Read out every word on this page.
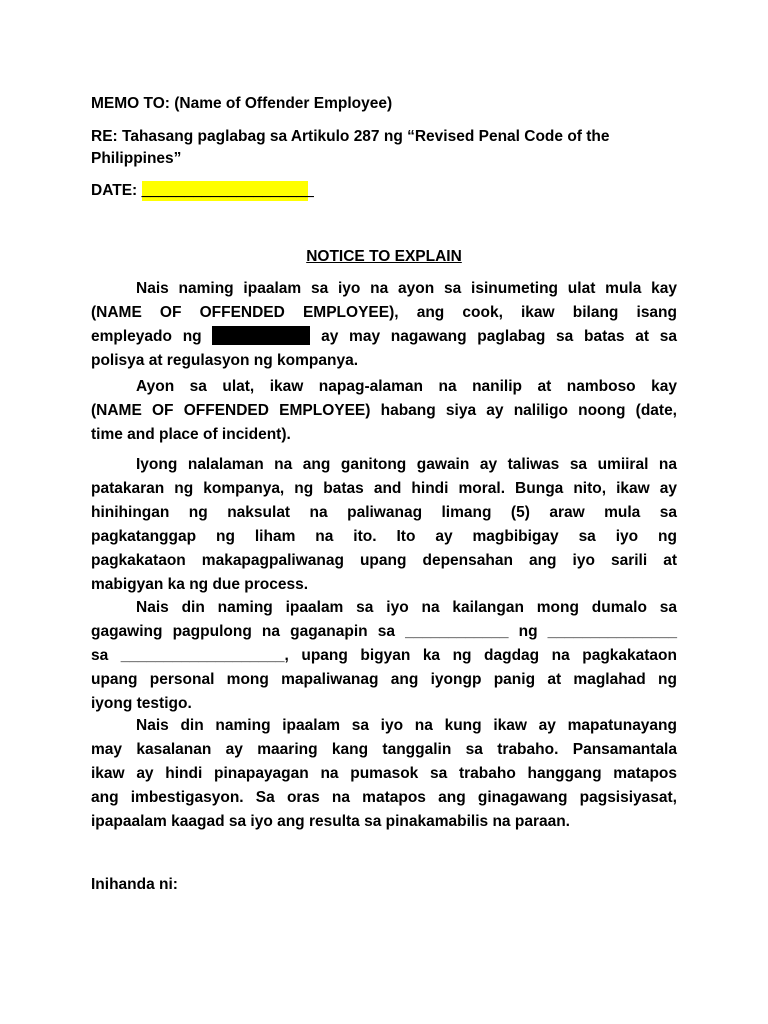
MEMO TO: (Name of Offender Employee)
RE: Tahasang paglabag sa Artikulo 287 ng “Revised Penal Code of the
Philippines”
DATE: ____________________
NOTICE TO EXPLAIN
Nais naming ipaalam sa iyo na ayon sa isinumeting ulat mula kay
(NAME OF OFFENDED EMPLOYEE), ang cook, ikaw bilang isang
empleyado ng	ay may nagawang paglabag sa batas at sa
polisya at regulasyon ng kompanya.
Ayon sa ulat, ikaw napag-alaman na nanilip at namboso kay
(NAME OF OFFENDED EMPLOYEE) habang siya ay naliligo noong (date,
time and place of incident).
Iyong nalalaman na ang ganitong gawain ay taliwas sa umiiral na
patakaran ng kompanya, ng batas and hindi moral. Bunga nito, ikaw ay
hinihingan ng naksulat na paliwanag limang (5) araw mula sa
pagkatanggap ng liham na ito. Ito ay magbibigay sa iyo ng
pagkakataon makapagpaliwanag upang depensahan ang iyo sarili at
mabigyan ka ng due process.
Nais din naming ipaalam sa iyo na kailangan mong dumalo sa
gagawing pagpulong na gaganapin sa ____________ ng _______________
sa ___________________, upang bigyan ka ng dagdag na pagkakataon
upang personal mong mapaliwanag ang iyongp panig at maglahad ng
iyong testigo.
Nais din naming ipaalam sa iyo na kung ikaw ay mapatunayang
may kasalanan ay maaring kang tanggalin sa trabaho. Pansamantala
ikaw ay hindi pinapayagan na pumasok sa trabaho hanggang matapos
ang imbestigasyon. Sa oras na matapos ang ginagawang pagsisiyasat,
ipapaalam kaagad sa iyo ang resulta sa pinakamabilis na paraan.
Inihanda ni:
